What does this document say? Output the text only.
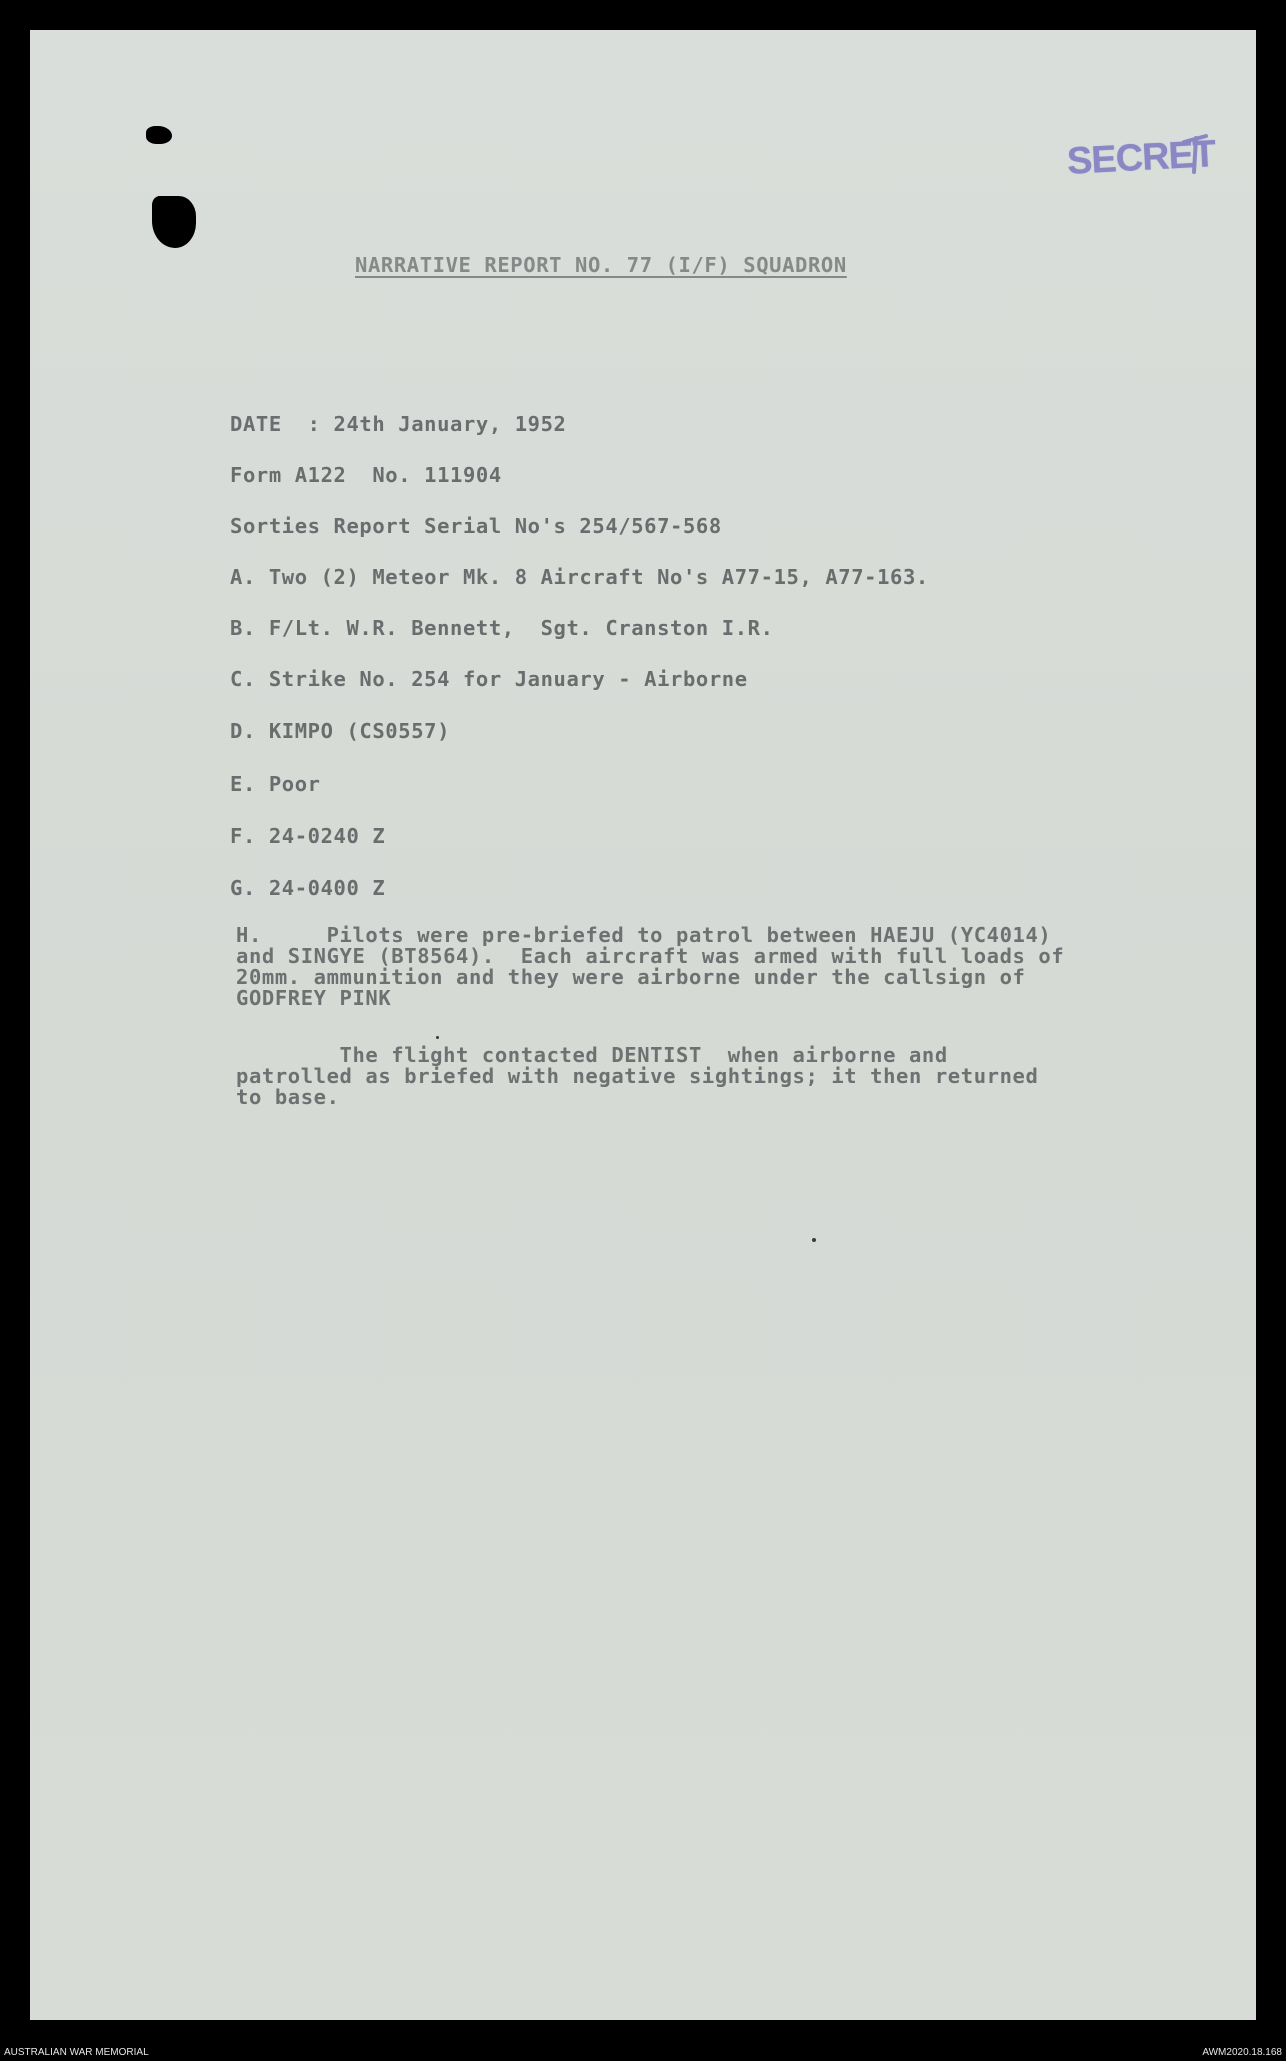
SECRET
NARRATIVE REPORT NO. 77 (I/F) SQUADRON
DATE  : 24th January, 1952
Form A122  No. 111904
Sorties Report Serial No's 254/567-568
A. Two (2) Meteor Mk. 8 Aircraft No's A77-15, A77-163.
B. F/Lt. W.R. Bennett,  Sgt. Cranston I.R.
C. Strike No. 254 for January - Airborne
D. KIMPO (CS0557)
E. Poor
F. 24-0240 Z
G. 24-0400 Z
H.     Pilots were pre-briefed to patrol between HAEJU (YC4014)
and SINGYE (BT8564).  Each aircraft was armed with full loads of
20mm. ammunition and they were airborne under the callsign of
GODFREY PINK
The flight contacted DENTIST  when airborne and
patrolled as briefed with negative sightings; it then returned
to base.
AUSTRALIAN WAR MEMORIAL	AWM2020.18.168
